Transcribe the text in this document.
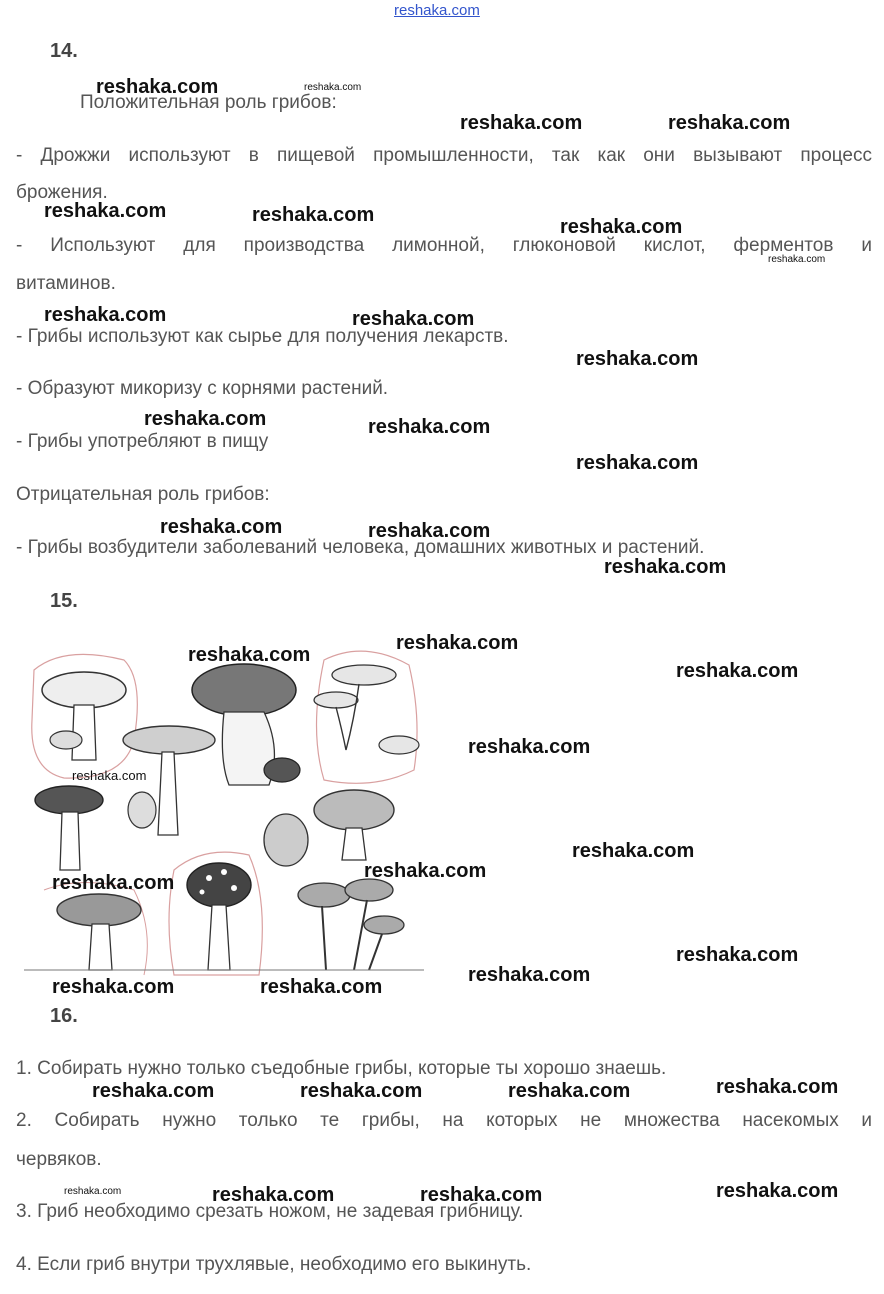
reshaka.com
14.
Положительная роль грибов:
- Дрожжи используют в пищевой промышленности, так как они вызывают процесс
брожения.
- Используют для производства лимонной, глюконовой кислот, ферментов и
витаминов.
- Грибы используют как сырье для получения лекарств.
- Образуют микоризу с корнями растений.
- Грибы употребляют в пищу
Отрицательная роль грибов:
- Грибы возбудители заболеваний человека, домашних животных и растений.
15.
16.
1. Собирать нужно только съедобные грибы, которые ты хорошо знаешь.
2. Собирать нужно только те грибы, на которых не множества насекомых и
червяков.
3. Гриб необходимо срезать ножом, не задевая грибницу.
4. Если гриб внутри трухлявые, необходимо его выкинуть.
reshaka.com	reshaka.com
reshaka.com	reshaka.com
reshaka.com	reshaka.com
reshaka.com
reshaka.com
reshaka.com	reshaka.com
reshaka.com
reshaka.com	reshaka.com
reshaka.com
reshaka.com	reshaka.com
reshaka.com
reshaka.com
reshaka.com
reshaka.com
reshaka.com
reshaka.com
reshaka.com
reshaka.com
reshaka.com
reshaka.com
reshaka.com
reshaka.com	reshaka.com
reshaka.com
reshaka.com	reshaka.com	reshaka.com
reshaka.com	reshaka.com
reshaka.com	reshaka.com
